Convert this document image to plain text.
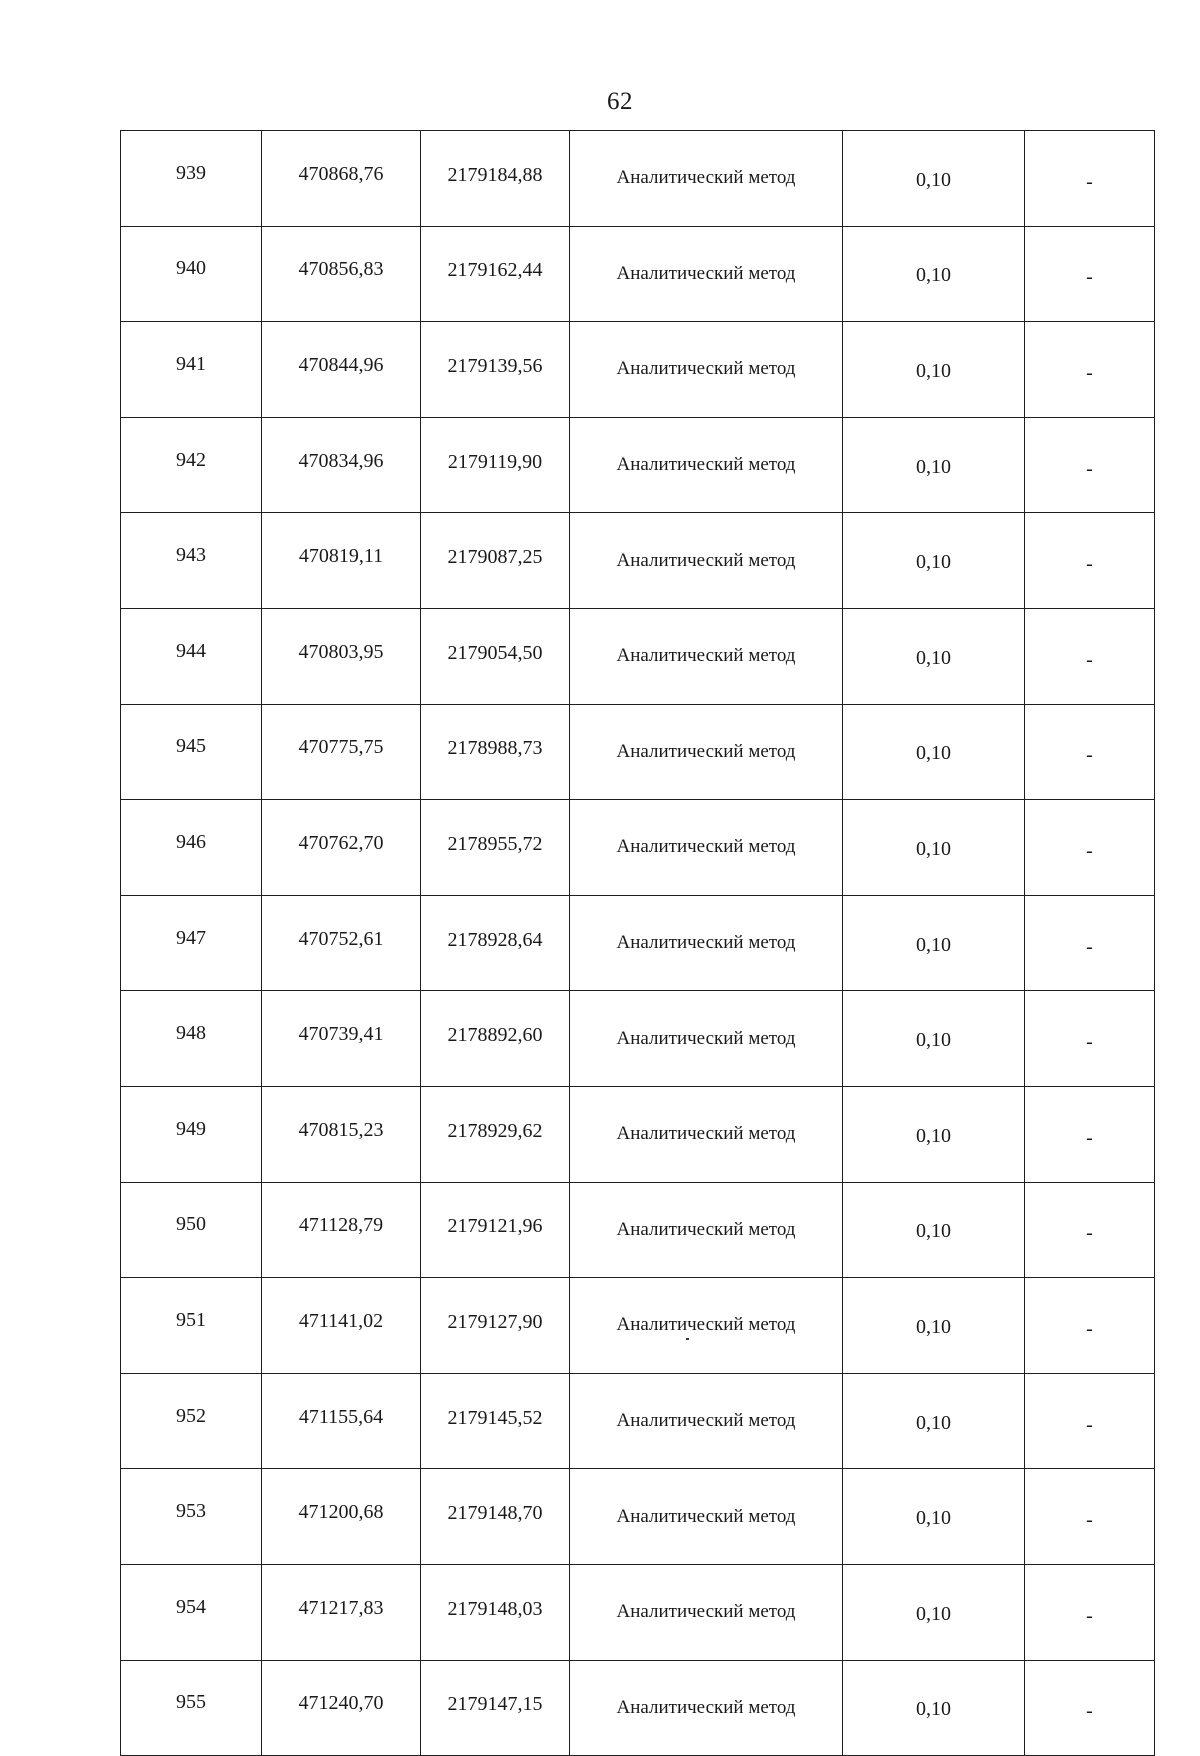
62
939	470868,76	2179184,88	Аналитический метод	0,10	-
940	470856,83	2179162,44	Аналитический метод	0,10	-
941	470844,96	2179139,56	Аналитический метод	0,10	-
942	470834,96	2179119,90	Аналитический метод	0,10	-
943	470819,11	2179087,25	Аналитический метод	0,10	-
944	470803,95	2179054,50	Аналитический метод	0,10	-
945	470775,75	2178988,73	Аналитический метод	0,10	-
946	470762,70	2178955,72	Аналитический метод	0,10	-
947	470752,61	2178928,64	Аналитический метод	0,10	-
948	470739,41	2178892,60	Аналитический метод	0,10	-
949	470815,23	2178929,62	Аналитический метод	0,10	-
950	471128,79	2179121,96	Аналитический метод	0,10	-
951	471141,02	2179127,90	Аналитический метод	0,10	-
952	471155,64	2179145,52	Аналитический метод	0,10	-
953	471200,68	2179148,70	Аналитический метод	0,10	-
954	471217,83	2179148,03	Аналитический метод	0,10	-
955	471240,70	2179147,15	Аналитический метод	0,10	-
